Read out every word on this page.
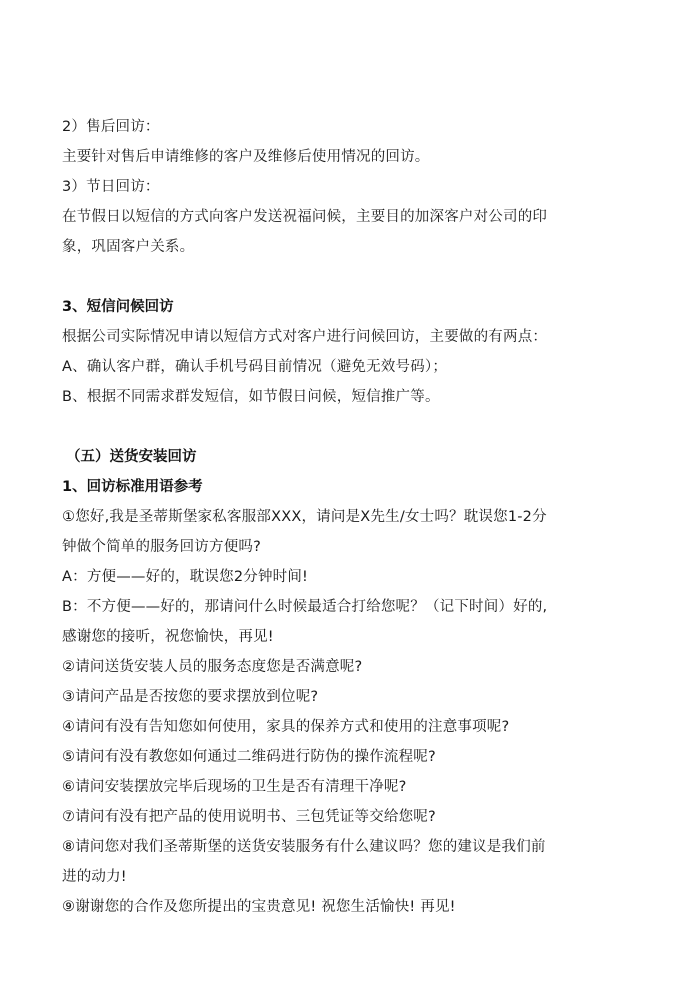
2）售后回访：

主要针对售后申请维修的客户及维修后使用情况的回访。

3）节日回访：

在节假日以短信的方式向客户发送祝福问候，主要目的加深客户对公司的印

象，巩固客户关系。

3、短信问候回访

根据公司实际情况申请以短信方式对客户进行问候回访，主要做的有两点：

A、确认客户群，确认手机号码目前情况（避免无效号码）；

B、根据不同需求群发短信，如节假日问候，短信推广等。

（五）送货安装回访

1、回访标准用语参考

①您好,我是圣蒂斯堡家私客服部XXX，请问是X先生/女士吗？耽误您1-2分

钟做个简单的服务回访方便吗?

A：方便——好的，耽误您2分钟时间!

B：不方便——好的，那请问什么时候最适合打给您呢？（记下时间）好的,

感谢您的接听，祝您愉快，再见!

②请问送货安装人员的服务态度您是否满意呢?

③请问产品是否按您的要求摆放到位呢?

④请问有没有告知您如何使用，家具的保养方式和使用的注意事项呢?

⑤请问有没有教您如何通过二维码进行防伪的操作流程呢?

⑥请问安装摆放完毕后现场的卫生是否有清理干净呢?

⑦请问有没有把产品的使用说明书、三包凭证等交给您呢?

⑧请问您对我们圣蒂斯堡的送货安装服务有什么建议吗？您的建议是我们前

进的动力!

⑨谢谢您的合作及您所提出的宝贵意见! 祝您生活愉快! 再见!
